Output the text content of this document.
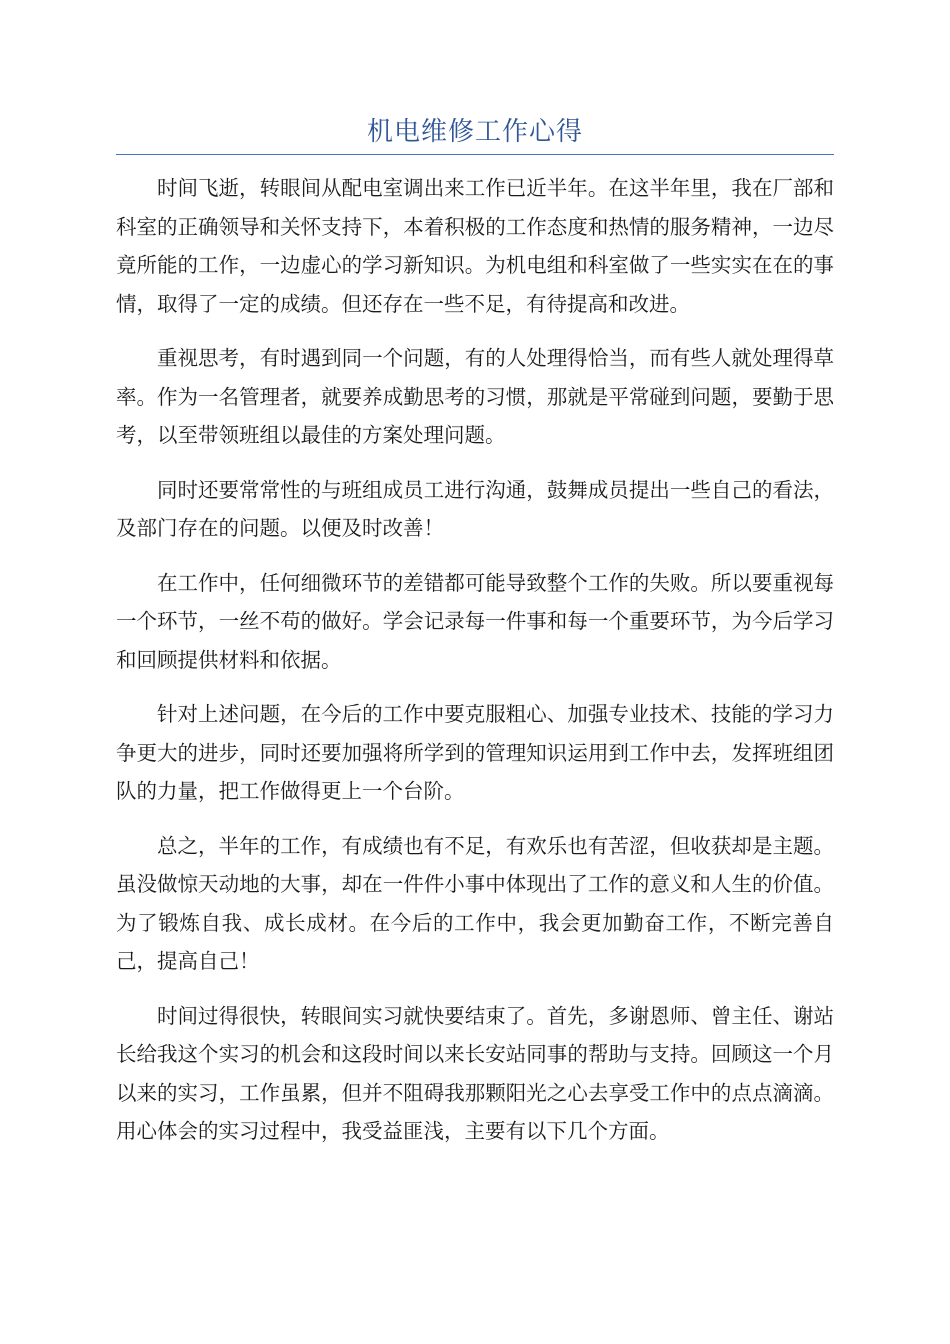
机电维修工作心得

时间飞逝，转眼间从配电室调出来工作已近半年。在这半年里，我在厂部和科室的正确领导和关怀支持下，本着积极的工作态度和热情的服务精神，一边尽竟所能的工作，一边虚心的学习新知识。为机电组和科室做了一些实实在在的事情，取得了一定的成绩。但还存在一些不足，有待提高和改进。

重视思考，有时遇到同一个问题，有的人处理得恰当，而有些人就处理得草率。作为一名管理者，就要养成勤思考的习惯，那就是平常碰到问题，要勤于思考，以至带领班组以最佳的方案处理问题。

同时还要常常性的与班组成员工进行沟通，鼓舞成员提出一些自己的看法，及部门存在的问题。以便及时改善！

在工作中，任何细微环节的差错都可能导致整个工作的失败。所以要重视每一个环节，一丝不苟的做好。学会记录每一件事和每一个重要环节，为今后学习和回顾提供材料和依据。

针对上述问题，在今后的工作中要克服粗心、加强专业技术、技能的学习力争更大的进步，同时还要加强将所学到的管理知识运用到工作中去，发挥班组团队的力量，把工作做得更上一个台阶。

总之，半年的工作，有成绩也有不足，有欢乐也有苦涩，但收获却是主题。虽没做惊天动地的大事，却在一件件小事中体现出了工作的意义和人生的价值。为了锻炼自我、成长成材。在今后的工作中，我会更加勤奋工作，不断完善自己，提高自己！

时间过得很快，转眼间实习就快要结束了。首先，多谢恩师、曾主任、谢站长给我这个实习的机会和这段时间以来长安站同事的帮助与支持。回顾这一个月以来的实习，工作虽累，但并不阻碍我那颗阳光之心去享受工作中的点点滴滴。用心体会的实习过程中，我受益匪浅，主要有以下几个方面。
